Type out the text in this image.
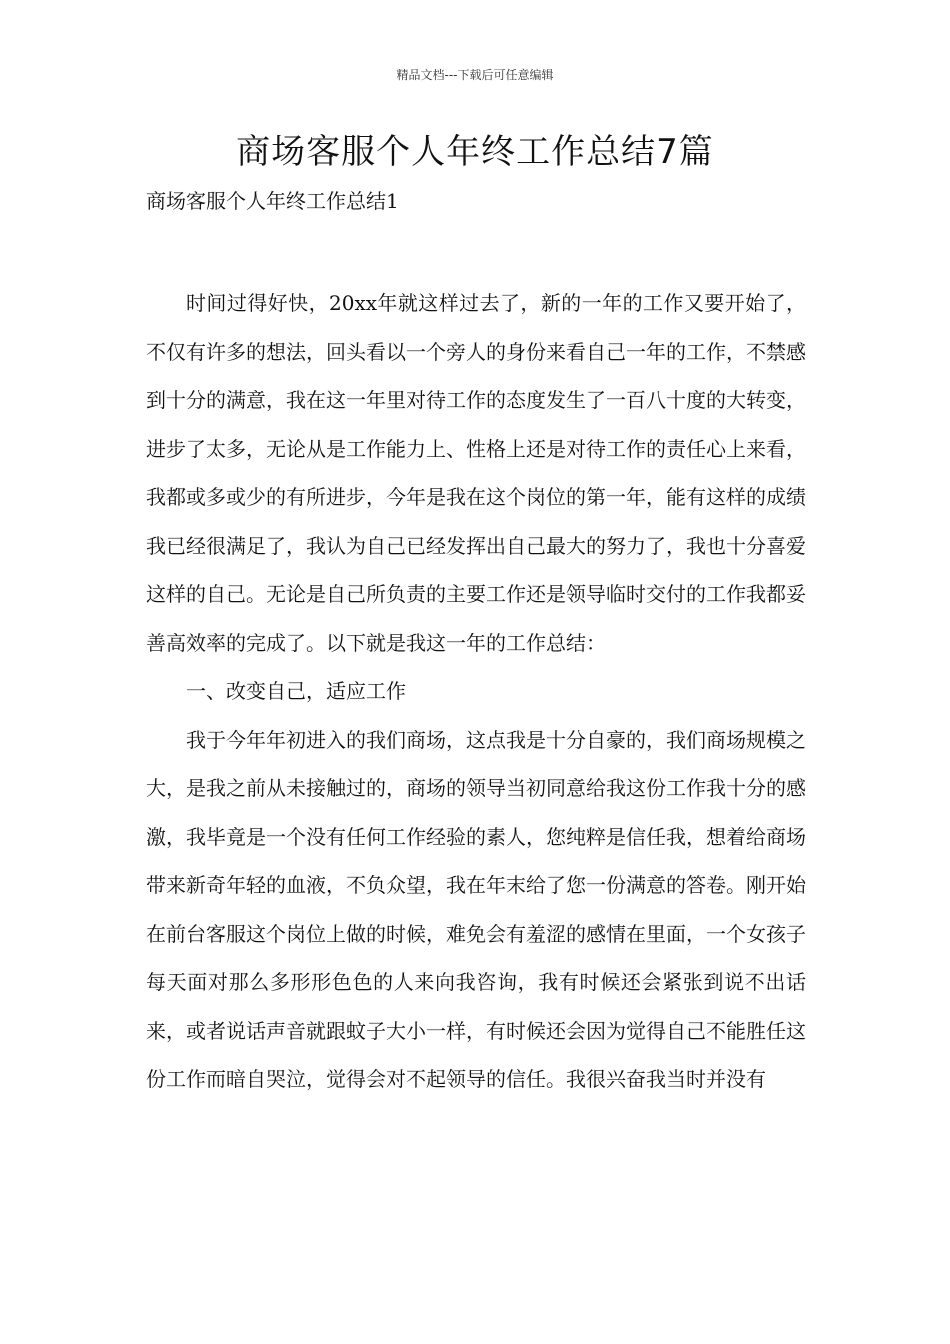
精品文档---下载后可任意编辑
商场客服个人年终工作总结7篇

商场客服个人年终工作总结1

时间过得好快，20xx年就这样过去了，新的一年的工作又要开始了，不仅有许多的想法，回头看以一个旁人的身份来看自己一年的工作，不禁感到十分的满意，我在这一年里对待工作的态度发生了一百八十度的大转变，进步了太多，无论从是工作能力上、性格上还是对待工作的责任心上来看，我都或多或少的有所进步，今年是我在这个岗位的第一年，能有这样的成绩我已经很满足了，我认为自己已经发挥出自己最大的努力了，我也十分喜爱这样的自己。无论是自己所负责的主要工作还是领导临时交付的工作我都妥善高效率的完成了。以下就是我这一年的工作总结：

一、改变自己，适应工作

我于今年年初进入的我们商场，这点我是十分自豪的，我们商场规模之大，是我之前从未接触过的，商场的领导当初同意给我这份工作我十分的感激，我毕竟是一个没有任何工作经验的素人，您纯粹是信任我，想着给商场带来新奇年轻的血液，不负众望，我在年末给了您一份满意的答卷。刚开始在前台客服这个岗位上做的时候，难免会有羞涩的感情在里面，一个女孩子每天面对那么多形形色色的人来向我咨询，我有时候还会紧张到说不出话来，或者说话声音就跟蚊子大小一样，有时候还会因为觉得自己不能胜任这份工作而暗自哭泣，觉得会对不起领导的信任。我很兴奋我当时并没有
